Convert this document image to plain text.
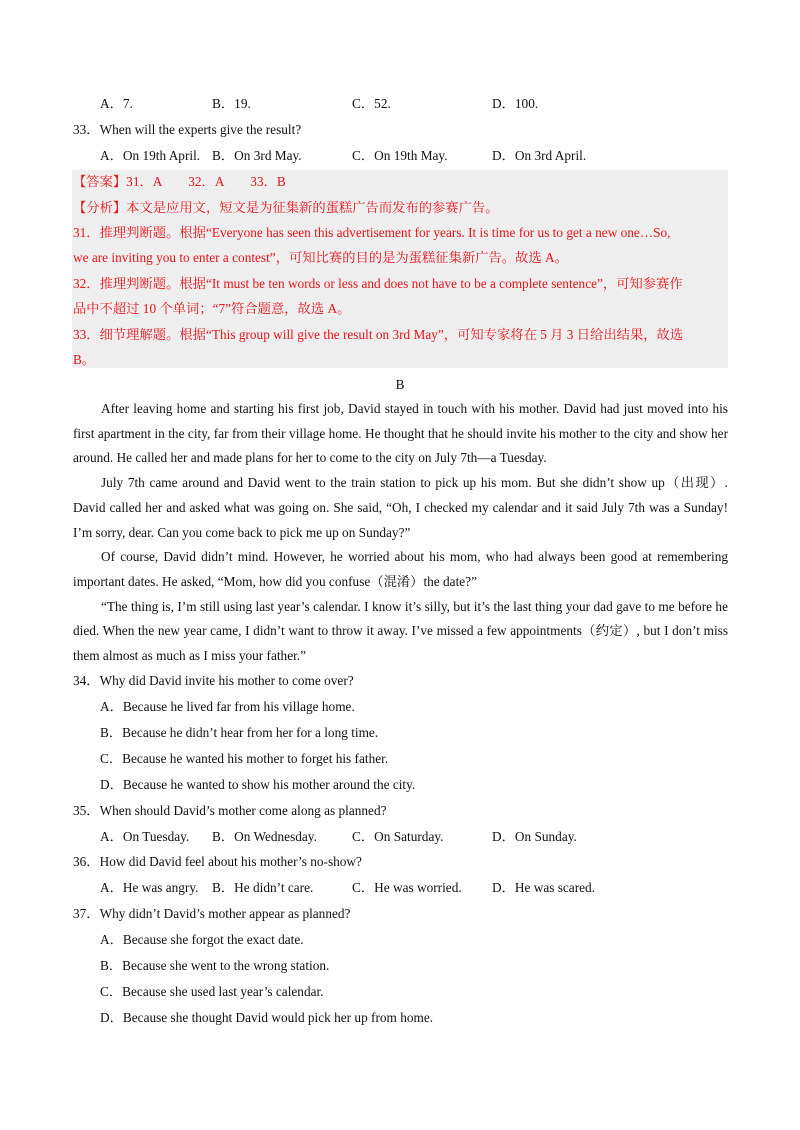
A．7.	B．19.	C．52.	D．100.
33．When will the experts give the result?
A．On 19th April. B．On 3rd May.	C．On 19th May.	D．On 3rd April.
【答案】31．A　　32．A　　33．B
【分析】本文是应用文，短文是为征集新的蛋糕广告而发布的参赛广告。
31．推理判断题。根据“Everyone has seen this advertisement for years. It is time for us to get a new one…So,
we are inviting you to enter a contest”，可知比赛的目的是为蛋糕征集新广告。故选 A。
32．推理判断题。根据“It must be ten words or less and does not have to be a complete sentence”，可知参赛作
品中不超过 10 个单词；“7”符合题意，故选 A。
33．细节理解题。根据“This group will give the result on 3rd May”，可知专家将在 5 月 3 日给出结果，故选
B。
B

After leaving home and starting his first job, David stayed in touch with his mother. David had just moved into his first apartment in the city, far from their village home. He thought that he should invite his mother to the city and show her around. He called her and made plans for her to come to the city on July 7th—a Tuesday.

July 7th came around and David went to the train station to pick up his mom. But she didn’t show up（出现）. David called her and asked what was going on. She said, “Oh, I checked my calendar and it said July 7th was a Sunday! I’m sorry, dear. Can you come back to pick me up on Sunday?”

Of course, David didn’t mind. However, he worried about his mom, who had always been good at remembering important dates. He asked, “Mom, how did you confuse（混淆）the date?”

“The thing is, I’m still using last year’s calendar. I know it’s silly, but it’s the last thing your dad gave to me before he died. When the new year came, I didn’t want to throw it away. I’ve missed a few appointments（约定）, but I don’t miss them almost as much as I miss your father.”

34．Why did David invite his mother to come over?
A．Because he lived far from his village home.
B．Because he didn’t hear from her for a long time.
C．Because he wanted his mother to forget his father.
D．Because he wanted to show his mother around the city.
35．When should David’s mother come along as planned?
A．On Tuesday. B．On Wednesday.	C．On Saturday.	D．On Sunday.
36．How did David feel about his mother’s no-show?
A．He was angry. B．He didn’t care.	C．He was worried. D．He was scared.
37．Why didn’t David’s mother appear as planned?
A．Because she forgot the exact date.
B．Because she went to the wrong station.
C．Because she used last year’s calendar.
D．Because she thought David would pick her up from home.
